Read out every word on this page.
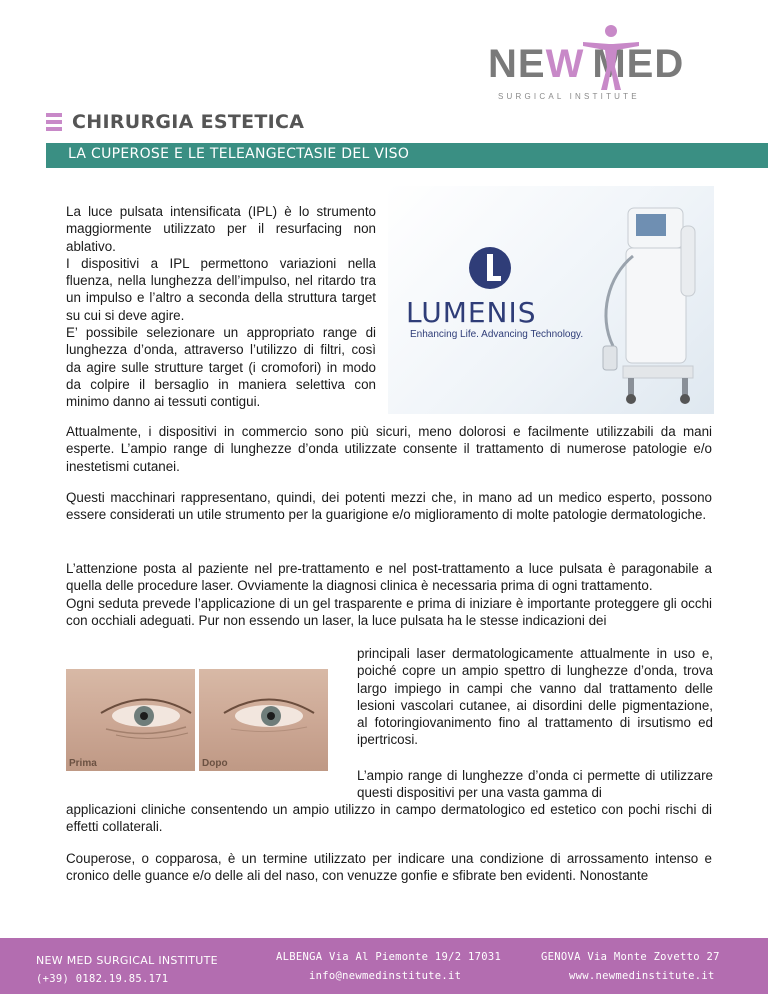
NEW MED
SURGICAL INSTITUTE
CHIRURGIA ESTETICA
LA CUPEROSE E LE TELEANGECTASIE DEL VISO
La luce pulsata intensificata (IPL) è lo strumento maggiormente utilizzato per il resurfacing non ablativo.
I dispositivi a IPL permettono variazioni nella fluenza, nella lunghezza dell’impulso, nel ritardo tra un impulso e l’altro a seconda della struttura target su cui si deve agire.
E’ possibile selezionare un appropriato range di lunghezza d’onda, attraverso l’utilizzo di filtri, così da agire sulle strutture target (i cromofori) in modo da colpire il bersaglio in maniera selettiva con minimo danno ai tessuti contigui.
LUMENIS
Enhancing Life. Advancing Technology.
Attualmente, i dispositivi in commercio sono più sicuri, meno dolorosi e facilmente utilizzabili da mani esperte. L’ampio range di lunghezze d’onda utilizzate consente il trattamento di numerose patologie e/o inestetismi cutanei.
Questi macchinari rappresentano, quindi, dei potenti mezzi che, in mano ad un medico esperto, possono essere considerati un utile strumento per la guarigione e/o miglioramento di molte patologie dermatologiche.
L’attenzione posta al paziente nel pre-trattamento e nel post-trattamento a luce pulsata è paragonabile a quella delle procedure laser. Ovviamente la diagnosi clinica è necessaria prima di ogni trattamento.
Ogni seduta prevede l’applicazione di un gel trasparente e prima di iniziare è importante proteggere gli occhi con occhiali adeguati. Pur non essendo un laser, la luce pulsata ha le stesse indicazioni dei
Prima	Dopo
principali laser dermatologicamente attualmente in uso e, poiché copre un ampio spettro di lunghezze d’onda, trova largo impiego in campi che vanno dal trattamento delle lesioni vascolari cutanee, ai disordini delle pigmentazione, al fotoringiovanimento fino al trattamento di irsutismo ed ipertricosi.
L’ampio range di lunghezze d’onda ci permette di utilizzare questi dispositivi per una vasta gamma di
applicazioni cliniche consentendo un ampio utilizzo in campo dermatologico ed estetico con pochi rischi di effetti collaterali.
Couperose, o copparosa, è un termine utilizzato per indicare una condizione di arrossamento intenso e cronico delle guance e/o delle ali del naso, con venuzze gonfie e sfibrate ben evidenti. Nonostante
NEW MED SURGICAL INSTITUTE
(+39) 0182.19.85.171
ALBENGA Via Al Piemonte 19/2 17031
info@newmedinstitute.it
GENOVA Via Monte Zovetto 27
www.newmedinstitute.it
